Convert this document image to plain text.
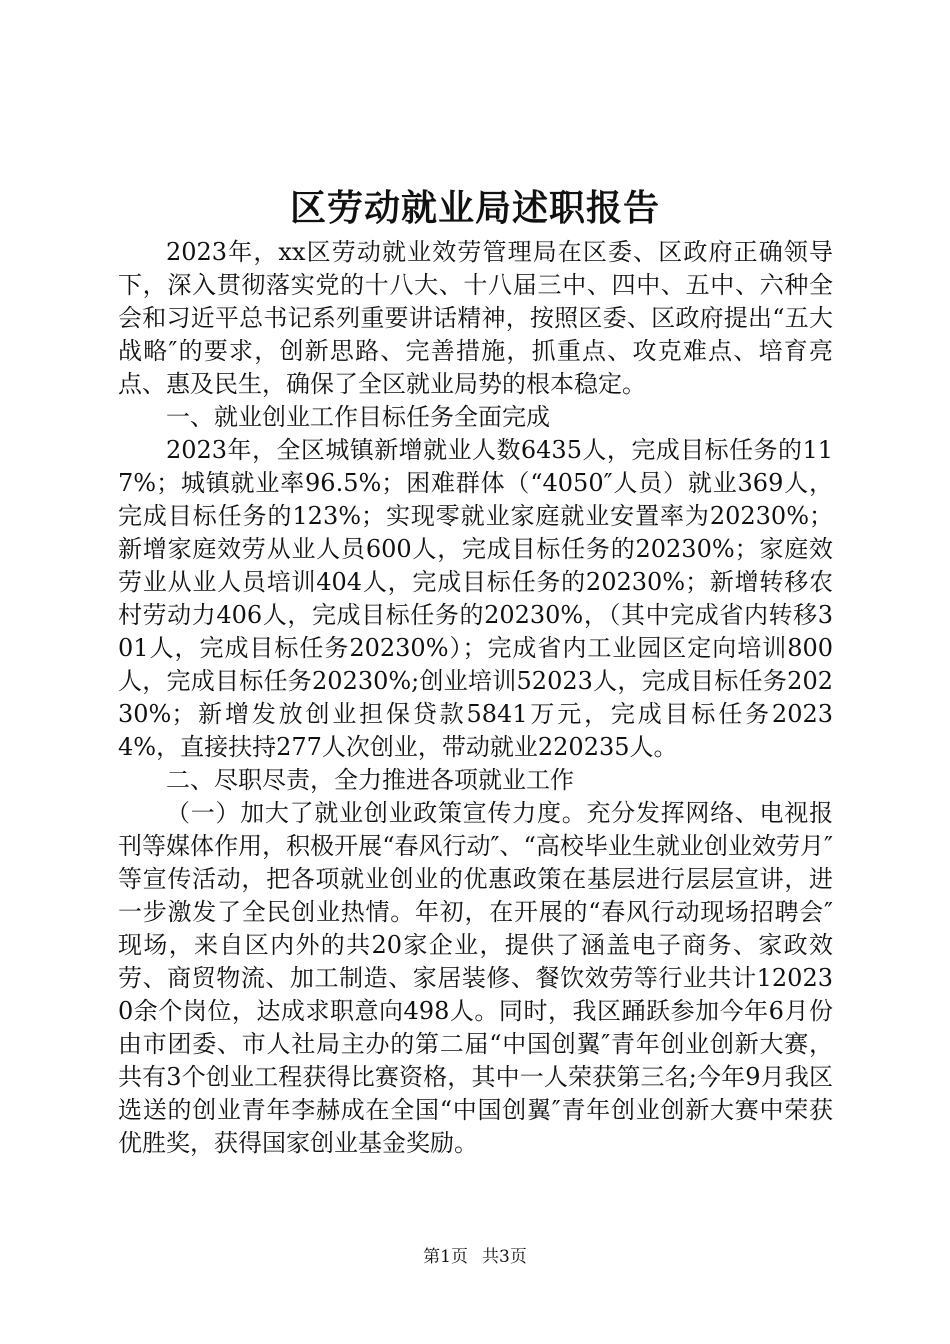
区劳动就业局述职报告

2023年，xx区劳动就业效劳管理局在区委、区政府正确领导下，深入贯彻落实党的十八大、十八届三中、四中、五中、六种全会和习近平总书记系列重要讲话精神，按照区委、区政府提出“五大战略″的要求，创新思路、完善措施，抓重点、攻克难点、培育亮点、惠及民生，确保了全区就业局势的根本稳定。

一、就业创业工作目标任务全面完成

2023年，全区城镇新增就业人数6435人，完成目标任务的117%；城镇就业率96.5%；困难群体（“4050″人员）就业369人，完成目标任务的123%；实现零就业家庭就业安置率为20230%；新增家庭效劳从业人员600人，完成目标任务的20230%；家庭效劳业从业人员培训404人，完成目标任务的20230%；新增转移农村劳动力406人，完成目标任务的20230%，（其中完成省内转移301人，完成目标任务20230%）；完成省内工业园区定向培训800人，完成目标任务20230%;创业培训52023人，完成目标任务20230%；新增发放创业担保贷款5841万元，完成目标任务20234%，直接扶持277人次创业，带动就业220235人。

二、尽职尽责，全力推进各项就业工作

（一）加大了就业创业政策宣传力度。充分发挥网络、电视报刊等媒体作用，积极开展“春风行动″、“高校毕业生就业创业效劳月″等宣传活动，把各项就业创业的优惠政策在基层进行层层宣讲，进一步激发了全民创业热情。年初，在开展的“春风行动现场招聘会″现场，来自区内外的共20家企业，提供了涵盖电子商务、家政效劳、商贸物流、加工制造、家居装修、餐饮效劳等行业共计120230余个岗位，达成求职意向498人。同时，我区踊跃参加今年6月份由市团委、市人社局主办的第二届“中国创翼″青年创业创新大赛，共有3个创业工程获得比赛资格，其中一人荣获第三名;今年9月我区选送的创业青年李赫成在全国“中国创翼″青年创业创新大赛中荣获优胜奖，获得国家创业基金奖励。

第1页 共3页
